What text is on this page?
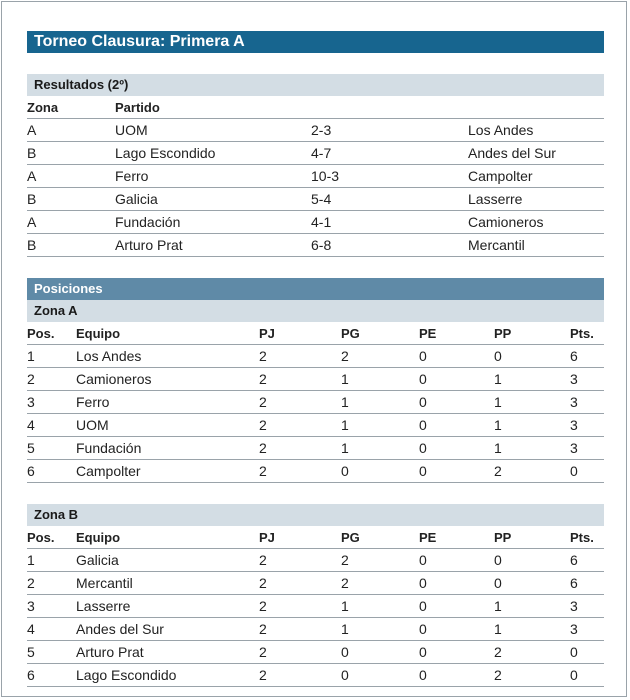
Torneo Clausura: Primera A
Resultados (2º)
Zona	Partido		
A	UOM	2-3	Los Andes
B	Lago Escondido	4-7	Andes del Sur
A	Ferro	10-3	Campolter
B	Galicia	5-4	Lasserre
A	Fundación	4-1	Camioneros
B	Arturo Prat	6-8	Mercantil
Posiciones
Zona A
Pos.	Equipo	PJ	PG	PE	PP	Pts.
1	Los Andes	2	2	0	0	6
2	Camioneros	2	1	0	1	3
3	Ferro	2	1	0	1	3
4	UOM	2	1	0	1	3
5	Fundación	2	1	0	1	3
6	Campolter	2	0	0	2	0
Zona B
Pos.	Equipo	PJ	PG	PE	PP	Pts.
1	Galicia	2	2	0	0	6
2	Mercantil	2	2	0	0	6
3	Lasserre	2	1	0	1	3
4	Andes del Sur	2	1	0	1	3
5	Arturo Prat	2	0	0	2	0
6	Lago Escondido	2	0	0	2	0
